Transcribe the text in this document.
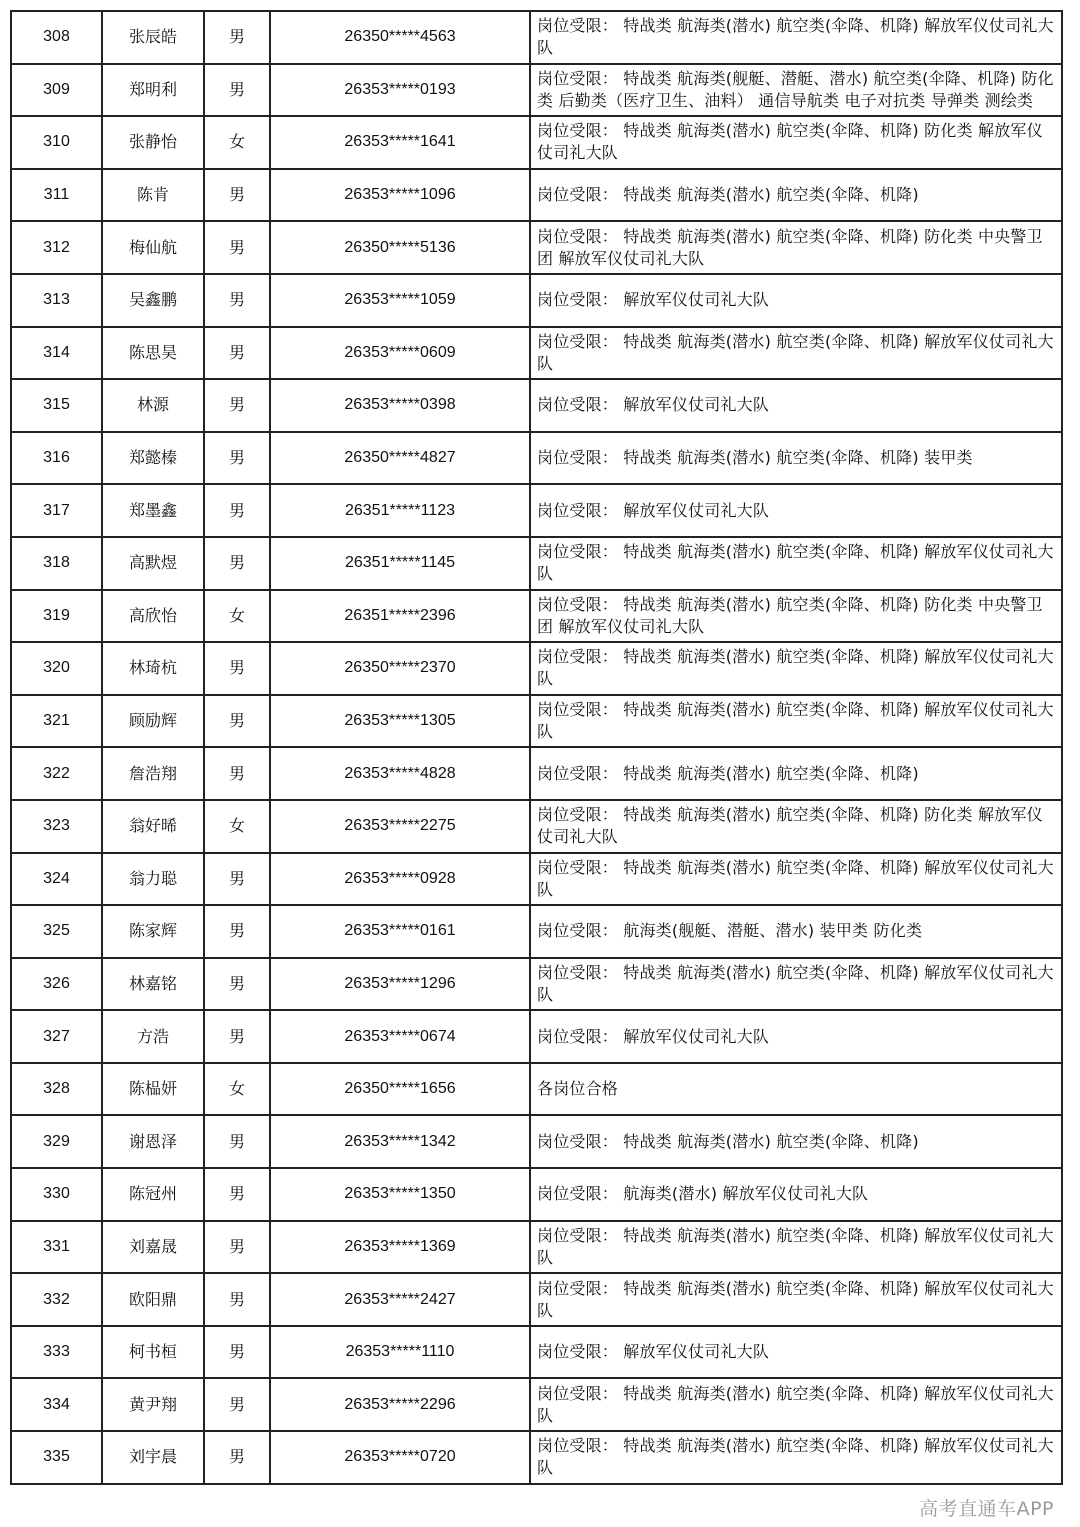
308	张辰皓	男	26350*****4563	岗位受限： 特战类 航海类(潜水) 航空类(伞降、机降) 解放军仪仗司礼大队
309	郑明利	男	26353*****0193	岗位受限： 特战类 航海类(舰艇、潜艇、潜水) 航空类(伞降、机降) 防化类 后勤类（医疗卫生、油料） 通信导航类 电子对抗类 导弹类 测绘类
310	张静怡	女	26353*****1641	岗位受限： 特战类 航海类(潜水) 航空类(伞降、机降) 防化类 解放军仪仗司礼大队
311	陈肯	男	26353*****1096	岗位受限： 特战类 航海类(潜水) 航空类(伞降、机降)
312	梅仙航	男	26350*****5136	岗位受限： 特战类 航海类(潜水) 航空类(伞降、机降) 防化类 中央警卫团 解放军仪仗司礼大队
313	吴鑫鹏	男	26353*****1059	岗位受限： 解放军仪仗司礼大队
314	陈思昊	男	26353*****0609	岗位受限： 特战类 航海类(潜水) 航空类(伞降、机降) 解放军仪仗司礼大队
315	林源	男	26353*****0398	岗位受限： 解放军仪仗司礼大队
316	郑懿榛	男	26350*****4827	岗位受限： 特战类 航海类(潜水) 航空类(伞降、机降) 装甲类
317	郑墨鑫	男	26351*****1123	岗位受限： 解放军仪仗司礼大队
318	高默煜	男	26351*****1145	岗位受限： 特战类 航海类(潜水) 航空类(伞降、机降) 解放军仪仗司礼大队
319	高欣怡	女	26351*****2396	岗位受限： 特战类 航海类(潜水) 航空类(伞降、机降) 防化类 中央警卫团 解放军仪仗司礼大队
320	林琦杭	男	26350*****2370	岗位受限： 特战类 航海类(潜水) 航空类(伞降、机降) 解放军仪仗司礼大队
321	顾励辉	男	26353*****1305	岗位受限： 特战类 航海类(潜水) 航空类(伞降、机降) 解放军仪仗司礼大队
322	詹浩翔	男	26353*****4828	岗位受限： 特战类 航海类(潜水) 航空类(伞降、机降)
323	翁好晞	女	26353*****2275	岗位受限： 特战类 航海类(潜水) 航空类(伞降、机降) 防化类 解放军仪仗司礼大队
324	翁力聪	男	26353*****0928	岗位受限： 特战类 航海类(潜水) 航空类(伞降、机降) 解放军仪仗司礼大队
325	陈家辉	男	26353*****0161	岗位受限： 航海类(舰艇、潜艇、潜水) 装甲类 防化类
326	林嘉铭	男	26353*****1296	岗位受限： 特战类 航海类(潜水) 航空类(伞降、机降) 解放军仪仗司礼大队
327	方浩	男	26353*****0674	岗位受限： 解放军仪仗司礼大队
328	陈榀妍	女	26350*****1656	各岗位合格
329	谢恩泽	男	26353*****1342	岗位受限： 特战类 航海类(潜水) 航空类(伞降、机降)
330	陈冠州	男	26353*****1350	岗位受限： 航海类(潜水) 解放军仪仗司礼大队
331	刘嘉晟	男	26353*****1369	岗位受限： 特战类 航海类(潜水) 航空类(伞降、机降) 解放军仪仗司礼大队
332	欧阳鼎	男	26353*****2427	岗位受限： 特战类 航海类(潜水) 航空类(伞降、机降) 解放军仪仗司礼大队
333	柯书桓	男	26353*****1110	岗位受限： 解放军仪仗司礼大队
334	黄尹翔	男	26353*****2296	岗位受限： 特战类 航海类(潜水) 航空类(伞降、机降) 解放军仪仗司礼大队
335	刘宇晨	男	26353*****0720	岗位受限： 特战类 航海类(潜水) 航空类(伞降、机降) 解放军仪仗司礼大队
高考直通车APP
